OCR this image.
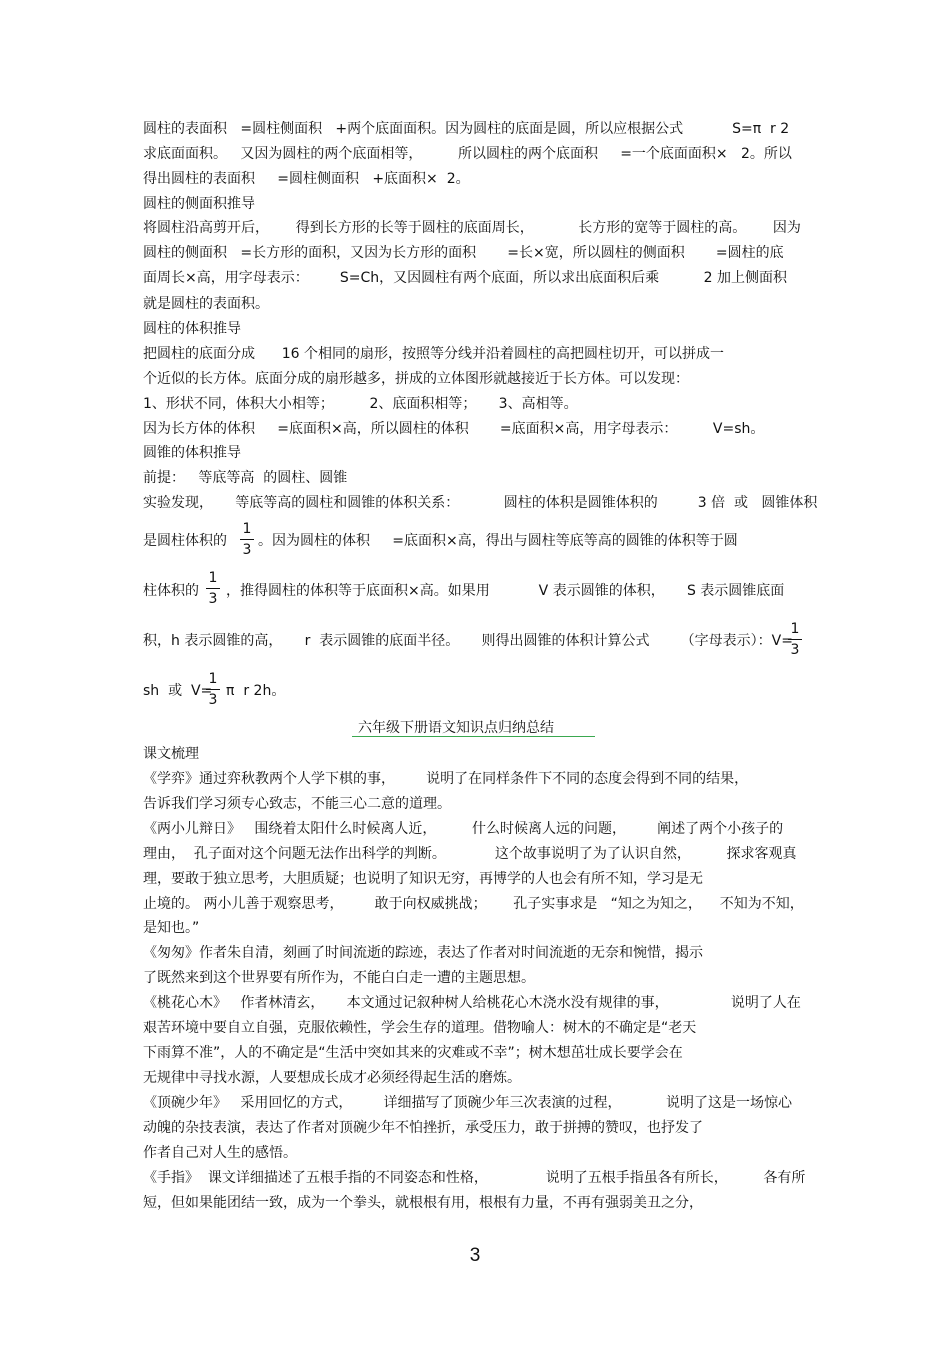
圆柱的表面积   =圆柱侧面积   +两个底面面积。因为圆柱的底面是圆，所以应根据公式           S=π  r 2
求底面面积。   又因为圆柱的两个底面相等，        所以圆柱的两个底面积     =一个底面面积×   2。所以
得出圆柱的表面积     =圆柱侧面积   +底面积×  2。
圆柱的侧面积推导
将圆柱沿高剪开后，      得到长方形的长等于圆柱的底面周长，          长方形的宽等于圆柱的高。      因为
圆柱的侧面积   =长方形的面积，又因为长方形的面积       =长×宽，所以圆柱的侧面积       =圆柱的底
面周长×高，用字母表示：       S=Ch，又因圆柱有两个底面，所以求出底面积后乘          2 加上侧面积
就是圆柱的表面积。
圆柱的体积推导
把圆柱的底面分成      16 个相同的扇形，按照等分线并沿着圆柱的高把圆柱切开，可以拼成一
个近似的长方体。底面分成的扇形越多，拼成的立体图形就越接近于长方体。可以发现：
1、形状不同，体积大小相等；        2、底面积相等；     3、高相等。
因为长方体的体积     =底面积×高，所以圆柱的体积       =底面积×高，用字母表示：        V=sh。
圆锥的体积推导
前提：   等底等高  的圆柱、圆锥
实验发现，     等底等高的圆柱和圆锥的体积关系：          圆柱的体积是圆锥体积的         3 倍  或   圆锥体积
是圆柱体积的
1
3
。因为圆柱的体积     =底面积×高，得出与圆柱等底等高的圆锥的体积等于圆
柱体积的
1
3 ，推得圆柱的体积等于底面积×高。如果用           V 表示圆锥的体积，     S 表示圆锥底面
积，h 表示圆锥的高，     r  表示圆锥的底面半径。     则得出圆锥的体积计算公式       （字母表示）：V=
1
3
sh  或  V=
1
3
π  r 2h。
六年级下册语文知识点归纳总结
课文梳理
《学弈》通过弈秋教两个人学下棋的事，       说明了在同样条件下不同的态度会得到不同的结果，
告诉我们学习须专心致志，不能三心二意的道理。
《两小儿辩日》   围绕着太阳什么时候离人近，        什么时候离人远的问题，       阐述了两个小孩子的
理由，  孔子面对这个问题无法作出科学的判断。           这个故事说明了为了认识自然，        探求客观真
理，要敢于独立思考，大胆质疑；也说明了知识无穷，再博学的人也会有所不知，学习是无
止境的。 两小儿善于观察思考，       敢于向权威挑战；      孔子实事求是   “知之为知之，    不知为不知，
是知也。”
《匆匆》作者朱自清，刻画了时间流逝的踪迹，表达了作者对时间流逝的无奈和惋惜，揭示
了既然来到这个世界要有所作为，不能白白走一遭的主题思想。
《桃花心木》   作者林清玄，     本文通过记叙种树人给桃花心木浇水没有规律的事，              说明了人在
艰苦环境中要自立自强，克服依赖性，学会生存的道理。借物喻人：树木的不确定是“老天
下雨算不准”，人的不确定是“生活中突如其来的灾难或不幸”；树木想茁壮成长要学会在
无规律中寻找水源，人要想成长成才必须经得起生活的磨炼。
《顶碗少年》   采用回忆的方式，       详细描写了顶碗少年三次表演的过程，          说明了这是一场惊心
动魄的杂技表演，表达了作者对顶碗少年不怕挫折，承受压力，敢于拼搏的赞叹，也抒发了
作者自己对人生的感悟。
《手指》  课文详细描述了五根手指的不同姿态和性格，             说明了五根手指虽各有所长，        各有所
短，但如果能团结一致，成为一个拳头，就根根有用，根根有力量，不再有强弱美丑之分，
3
